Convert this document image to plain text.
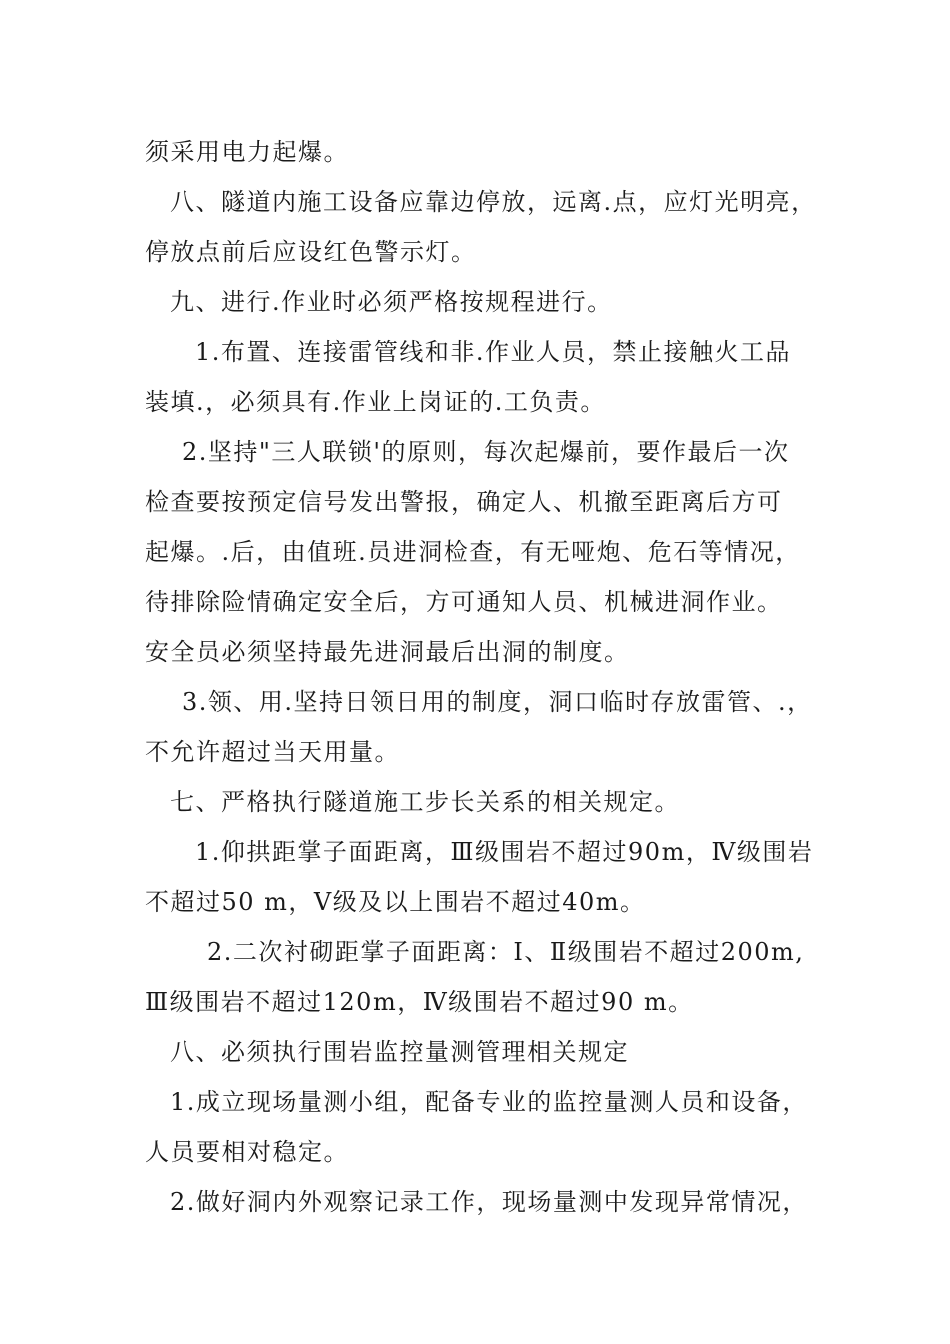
须采用电力起爆。
八、隧道内施工设备应靠边停放，远离.点，应灯光明亮，
停放点前后应设红色警示灯。
九、进行.作业时必须严格按规程进行。
1.布置、连接雷管线和非.作业人员，禁止接触火工品
装填.，必须具有.作业上岗证的.工负责。
2.坚持"三人联锁'的原则，每次起爆前，要作最后一次
检查要按预定信号发出警报，确定人、机撤至距离后方可
起爆。.后，由值班.员进洞检查，有无哑炮、危石等情况，
待排除险情确定安全后，方可通知人员、机械进洞作业。
安全员必须坚持最先进洞最后出洞的制度。
3.领、用.坚持日领日用的制度，洞口临时存放雷管、.，
不允许超过当天用量。
七、严格执行隧道施工步长关系的相关规定。
1.仰拱距掌子面距离，Ⅲ级围岩不超过90m，Ⅳ级围岩
不超过50 m，Ⅴ级及以上围岩不超过40m。
2.二次衬砌距掌子面距离：Ⅰ、Ⅱ级围岩不超过200m,
Ⅲ级围岩不超过120m，Ⅳ级围岩不超过90 m。
八、必须执行围岩监控量测管理相关规定
1.成立现场量测小组，配备专业的监控量测人员和设备，
人员要相对稳定。
2.做好洞内外观察记录工作，现场量测中发现异常情况，
